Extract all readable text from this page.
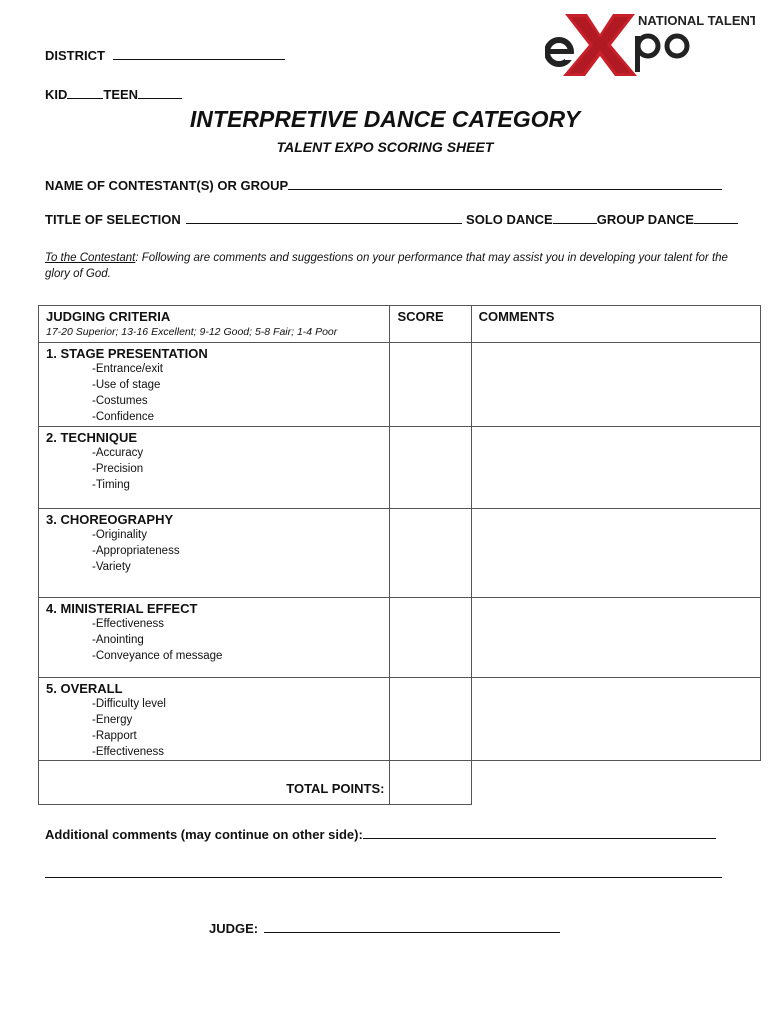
NATIONAL TALENT
DISTRICT
KID	TEEN
INTERPRETIVE DANCE CATEGORY
TALENT EXPO SCORING SHEET
NAME OF CONTESTANT(S) OR GROUP
TITLE OF SELECTION	SOLO DANCE	GROUP DANCE
To the Contestant: Following are comments and suggestions on your performance that may assist you in developing your talent for the glory of God.
JUDGING CRITERIA	SCORE	COMMENTS

17-20 Superior; 13-16 Excellent; 9-12 Good; 5-8 Fair; 1-4 Poor		

1. STAGE PRESENTATION
-Entrance/exit
-Use of stage
-Costumes
-Confidence		

2. TECHNIQUE
-Accuracy
-Precision
-Timing		

3. CHOREOGRAPHY
-Originality
-Appropriateness
-Variety		

4. MINISTERIAL EFFECT
-Effectiveness
-Anointing
-Conveyance of message		

5. OVERALL
-Difficulty level
-Energy
-Rapport
-Effectiveness		

TOTAL POINTS:		

Additional comments (may continue on other side):
JUDGE:
